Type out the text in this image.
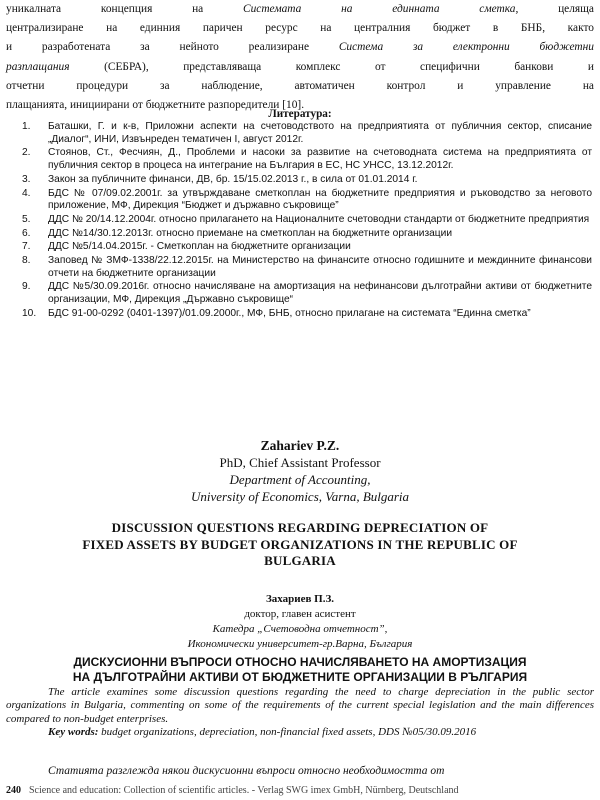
уникалната концепция на Системата на единната сметка, целяща
централизиране на единния паричен ресурс на централния бюджет в БНБ, както
и разработената за нейното реализиране Система за електронни бюджетни
разплащания (СЕБРА), представляваща комплекс от специфични банкови и
отчетни процедури за наблюдение, автоматичен контрол и управление на
плащанията, инициирани от бюджетните разпоредители [10].

Литература:

1. Баташки, Г. и к-в, Приложни аспекти на счетоводството на предприятията от публичния сектор, списание „Диалог“, ИНИ, Извънреден тематичен I, август 2012г.
2. Стоянов, Ст., Фесчиян, Д., Проблеми и насоки за развитие на счетоводната система на предприятията от публичния сектор в процеса на интеграние на България в ЕС, НС УНСС, 13.12.2012г.
3. Закон за публичните финанси, ДВ, бр. 15/15.02.2013 г., в сила от 01.01.2014 г.
4. БДС № 07/09.02.2001г. за утвърждаване сметкоплан на бюджетните предприятия и ръководство за неговото приложение, МФ, Дирекция “Бюджет и държавно съкровище”
5. ДДС № 20/14.12.2004г. относно прилагането на Националните счетоводни стандарти от бюджетните предприятия
6. ДДС №14/30.12.2013г. относно приемане на сметкоплан на бюджетните организации
7. ДДС №5/14.04.2015г. - Сметкоплан на бюджетните организации
8. Заповед № ЗМФ-1338/22.12.2015г. на Министерство на финансите относно годишните и междинните финансови отчети на бюджетните организации
9. ДДС №5/30.09.2016г. относно начисляване на амортизация на нефинансови дълготрайни активи от бюджетните организации, МФ, Дирекция „Държавно съкровище“
10. БДС 91-00-0292 (0401-1397)/01.09.2000г., МФ, БНБ, относно прилагане на системата “Единна сметка”

Zahariev P.Z.

PhD, Chief Assistant Professor

Department of Accounting,

University of Economics, Varna, Bulgaria

DISCUSSION QUESTIONS REGARDING DEPRECIATION OF
FIXED ASSETS BY BUDGET ORGANIZATIONS IN THE REPUBLIC OF
BULGARIA

Захариев П.З.

доктор, главен асистент

Катедра „Счетоводна отчетност”,

Икономически университет-гр.Варна, България

ДИСКУСИОННИ ВЪПРОСИ ОТНОСНО НАЧИСЛЯВАНЕТО НА АМОРТИЗАЦИЯ
НА ДЪЛГОТРАЙНИ АКТИВИ ОТ БЮДЖЕТНИТЕ ОРГАНИЗАЦИИ В РЪЛГАРИЯ

The article examines some discussion questions regarding the need to charge depreciation in the public sector organizations in Bulgaria, commenting on some of the requirements of the current special legislation and the main differences compared to non-budget enterprises.

Key words: budget organizations, depreciation, non-financial fixed assets, DDS №05/30.09.2016

Статията разглежда някои дискусионни въпроси относно необходимостта от

240 Science and education: Collection of scientific articles. - Verlag SWG imex GmbH, Nürnberg, Deutschland
